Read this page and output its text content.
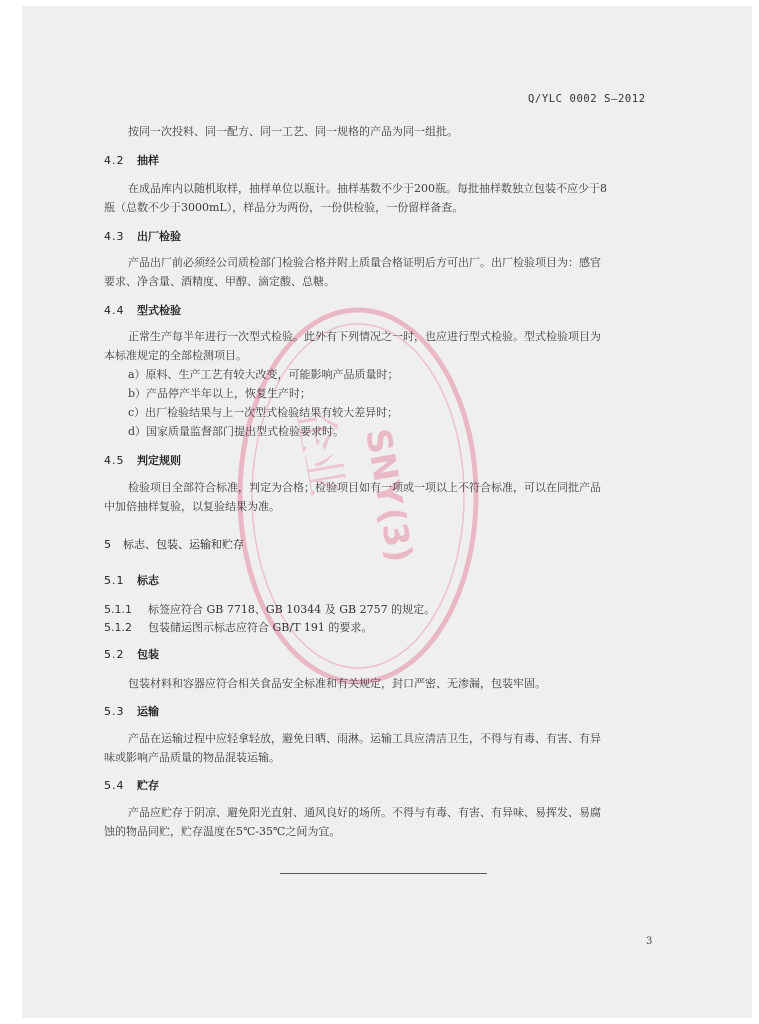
SNY
(3)
企业
Q/YLC 0002 S—2012
按同一次投料、同一配方、同一工艺、同一规格的产品为同一组批。
4.2 抽样
在成品库内以随机取样，抽样单位以瓶计。抽样基数不少于200瓶。每批抽样数独立包装不应少于8
瓶（总数不少于3000mL），样品分为两份，一份供检验，一份留样备查。
4.3 出厂检验
产品出厂前必须经公司质检部门检验合格并附上质量合格证明后方可出厂。出厂检验项目为：感官
要求、净含量、酒精度、甲醇、滴定酸、总糖。
4.4 型式检验
正常生产每半年进行一次型式检验。此外有下列情况之一时，也应进行型式检验。型式检验项目为
本标准规定的全部检测项目。
a）原料、生产工艺有较大改变，可能影响产品质量时；
b）产品停产半年以上，恢复生产时；
c）出厂检验结果与上一次型式检验结果有较大差异时；
d）国家质量监督部门提出型式检验要求时。
4.5 判定规则
检验项目全部符合标准，判定为合格；检验项目如有一项或一项以上不符合标准，可以在同批产品
中加倍抽样复验，以复验结果为准。
5 标志、包装、运输和贮存
5.1 标志
5.1.1 标签应符合 GB 7718、GB 10344 及 GB 2757 的规定。
5.1.2 包装储运图示标志应符合 GB/T 191 的要求。
5.2 包装
包装材料和容器应符合相关食品安全标准和有关规定，封口严密、无渗漏，包装牢固。
5.3 运输
产品在运输过程中应轻拿轻放，避免日晒、雨淋。运输工具应清洁卫生，不得与有毒、有害、有异
味或影响产品质量的物品混装运输。
5.4 贮存
产品应贮存于阴凉、避免阳光直射、通风良好的场所。不得与有毒、有害、有异味、易挥发、易腐
蚀的物品同贮，贮存温度在5℃-35℃之间为宜。
3
